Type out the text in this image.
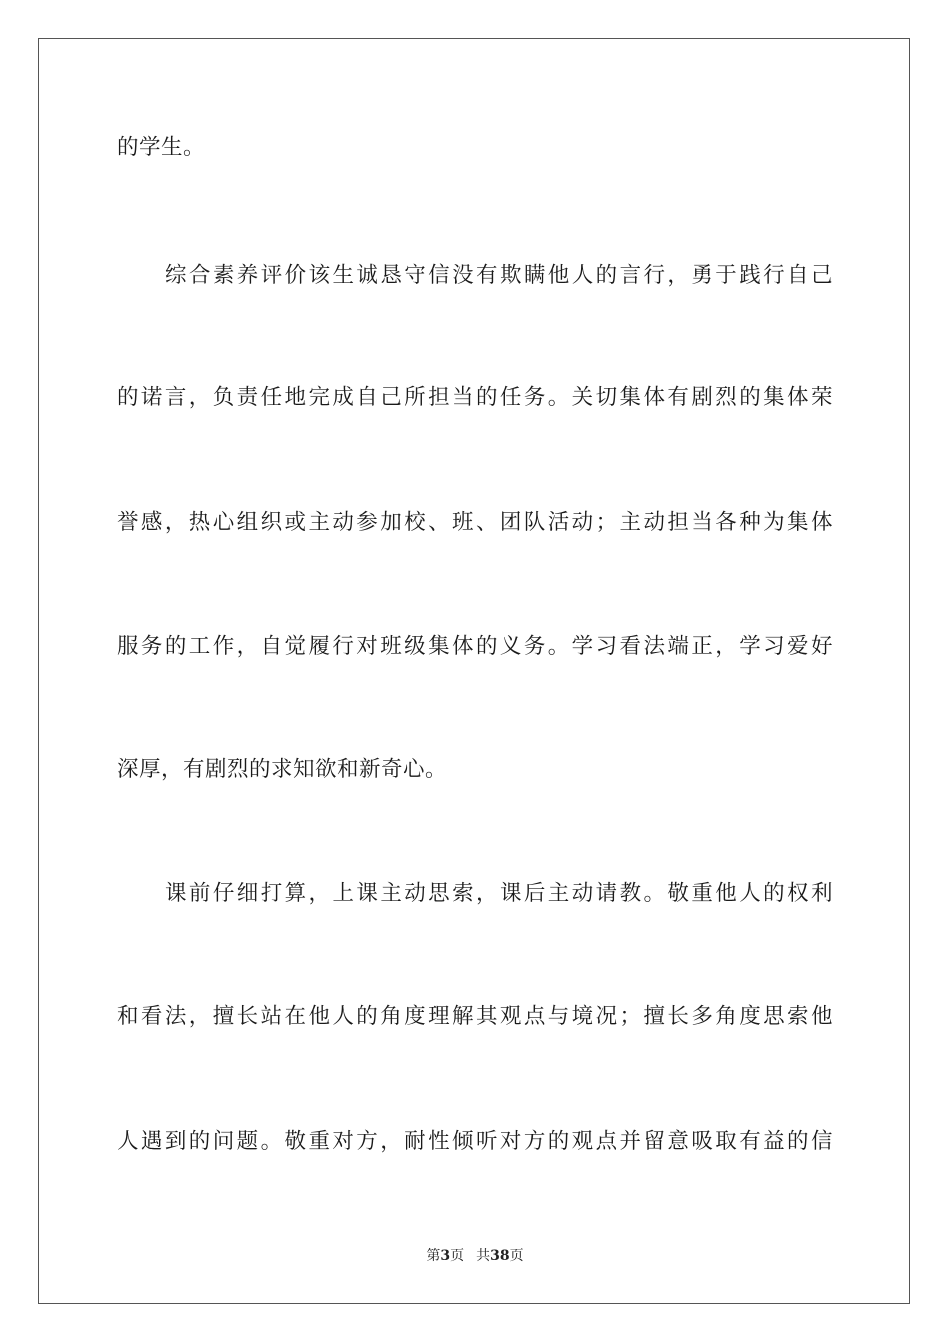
的学生。
综合素养评价该生诚恳守信没有欺瞒他人的言行，勇于践行自己
的诺言，负责任地完成自己所担当的任务。关切集体有剧烈的集体荣
誉感，热心组织或主动参加校、班、团队活动；主动担当各种为集体
服务的工作，自觉履行对班级集体的义务。学习看法端正，学习爱好
深厚，有剧烈的求知欲和新奇心。
课前仔细打算，上课主动思索，课后主动请教。敬重他人的权利
和看法，擅长站在他人的角度理解其观点与境况；擅长多角度思索他
人遇到的问题。敬重对方，耐性倾听对方的观点并留意吸取有益的信
第3页 共38页
